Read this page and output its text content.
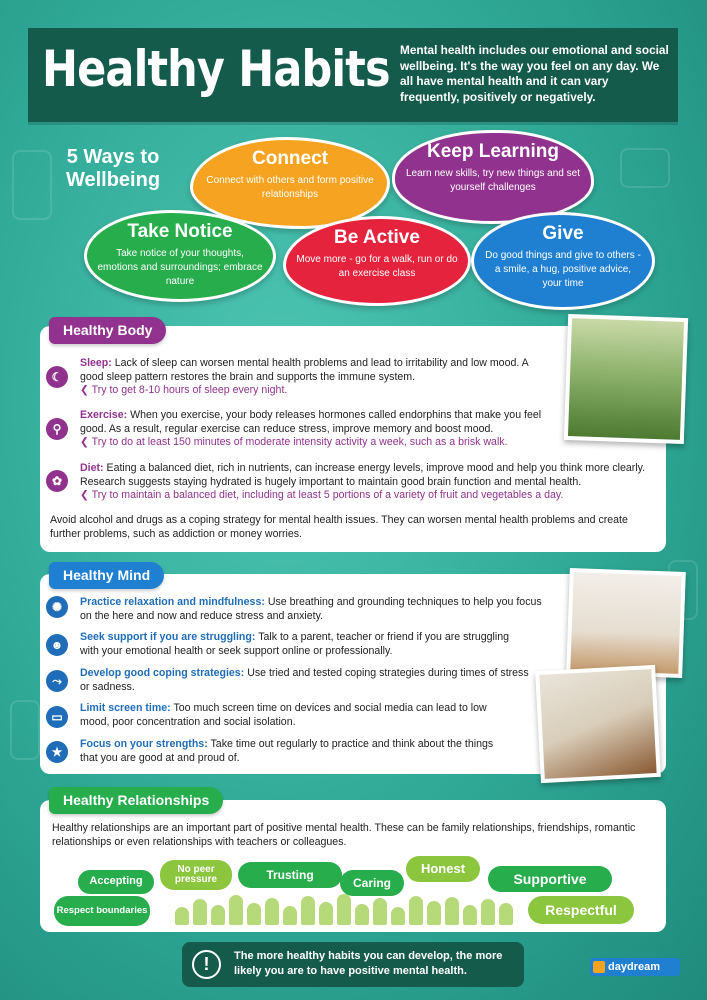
Healthy Habits Mental health includes our emotional and social wellbeing. It's the way you feel on any day. We all have mental health and it can vary frequently, positively or negatively.
5 Ways to Wellbeing
Connect

Connect with others and form positive relationships

Keep Learning

Learn new skills, try new things and set yourself challenges

Take Notice

Take notice of your thoughts, emotions and surroundings; embrace nature

Be Active

Move more - go for a walk, run or do an exercise class

Give

Do good things and give to others - a smile, a hug, positive advice, your time

Healthy Body
☾
Sleep: Lack of sleep can worsen mental health problems and lead to irritability and low mood. A good sleep pattern restores the brain and supports the immune system.
❮ Try to get 8-10 hours of sleep every night.
⚲
Exercise: When you exercise, your body releases hormones called endorphins that make you feel good. As a result, regular exercise can reduce stress, improve memory and boost mood.
❮ Try to do at least 150 minutes of moderate intensity activity a week, such as a brisk walk.
✿
Diet: Eating a balanced diet, rich in nutrients, can increase energy levels, improve mood and help you think more clearly. Research suggests staying hydrated is hugely important to maintain good brain function and mental health.
❮ Try to maintain a balanced diet, including at least 5 portions of a variety of fruit and vegetables a day.
Avoid alcohol and drugs as a coping strategy for mental health issues. They can worsen mental health problems and create further problems, such as addiction or money worries.
Healthy Mind
✺	Practice relaxation and mindfulness: Use breathing and grounding techniques to help you focus on the here and now and reduce stress and anxiety.
☻
Seek support if you are struggling: Talk to a parent, teacher or friend if you are struggling with your emotional health or seek support online or professionally.
⤳
Develop good coping strategies: Use tried and tested coping strategies during times of stress or sadness.
▭
Limit screen time: Too much screen time on devices and social media can lead to low mood, poor concentration and social isolation.
★
Focus on your strengths: Take time out regularly to practice and think about the things that you are good at and proud of.
Healthy Relationships
Healthy relationships are an important part of positive mental health. These can be family relationships, friendships, romantic relationships or even relationships with teachers or colleagues.
Accepting
No peer pressure	Trusting
Caring
Honest
Supportive
Respect boundaries	Respectful
!	The more healthy habits you can develop, the more likely you are to have positive mental health.	daydream
